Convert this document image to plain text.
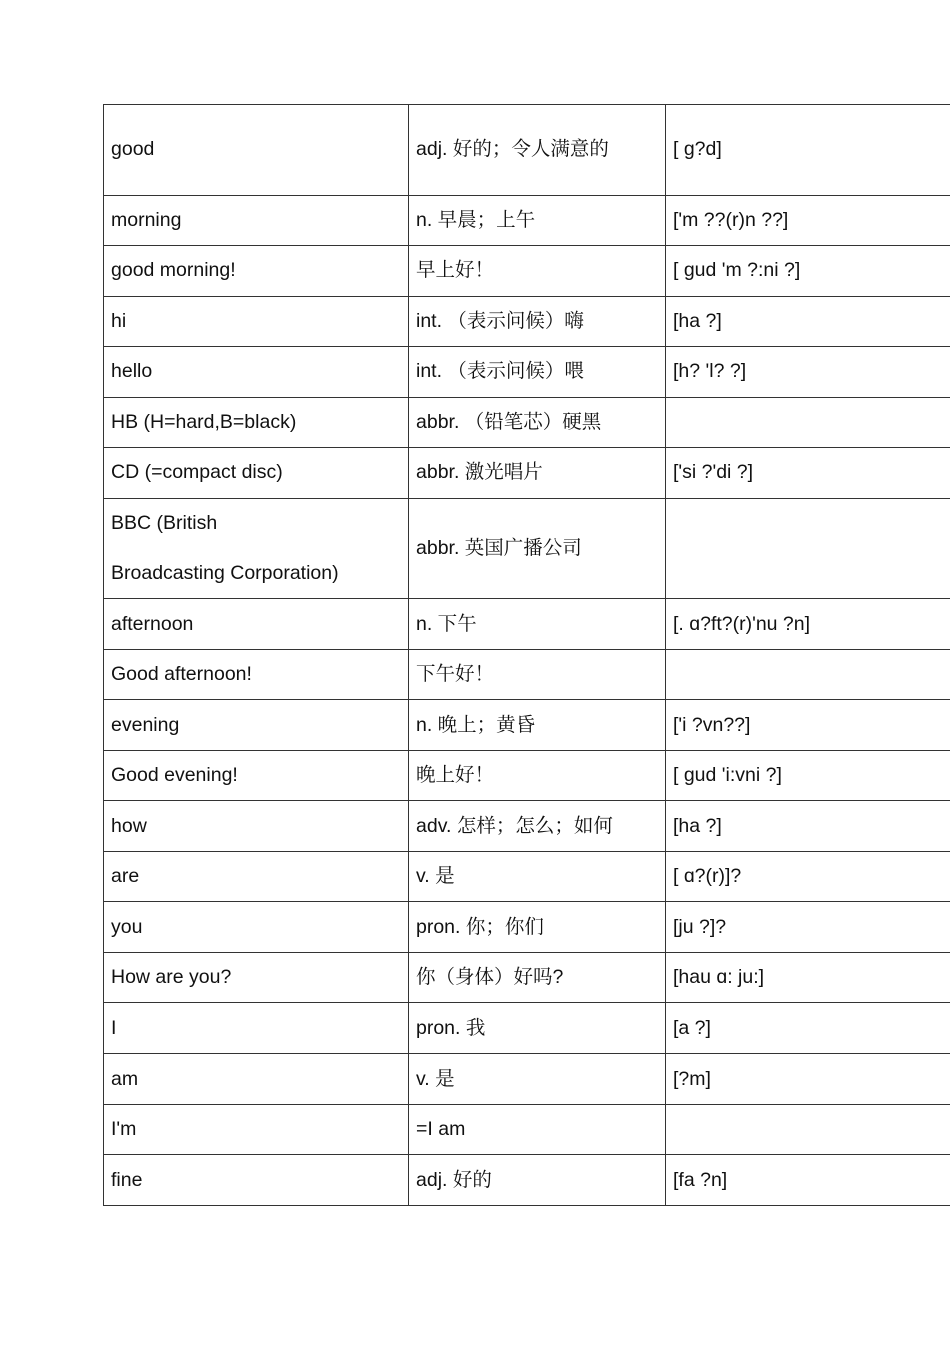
good	adj. 好的；令人满意的	[ ɡ?d]
morning	n. 早晨；上午	['m ??(r)n ??]
good morning!	早上好！	[ ɡud 'm ?:ni ?]
hi	int. （表示问候）嗨	[ha ?]
hello	int. （表示问候）喂	[h? 'l? ?]
HB (H=hard,B=black)	abbr. （铅笔芯）硬黑	
CD (=compact disc)	abbr. 激光唱片	['si ?'di ?]
BBC (British
Broadcasting Corporation)	abbr. 英国广播公司	
afternoon	n. 下午	[. ɑ?ft?(r)'nu ?n]
Good afternoon!	下午好！	
evening	n. 晚上；黄昏	['i ?vn??]
Good evening!	晚上好！	[ ɡud 'i:vni ?]
how	adv. 怎样；怎么；如何	[ha ?]
are	v. 是	[ ɑ?(r)]?
you	pron. 你；你们	[ju ?]?
How are you?	你（身体）好吗?	[hau ɑ: ju:]
I	pron. 我	[a ?]
am	v. 是	[?m]
I'm	=I am	
fine	adj. 好的	[fa ?n]
